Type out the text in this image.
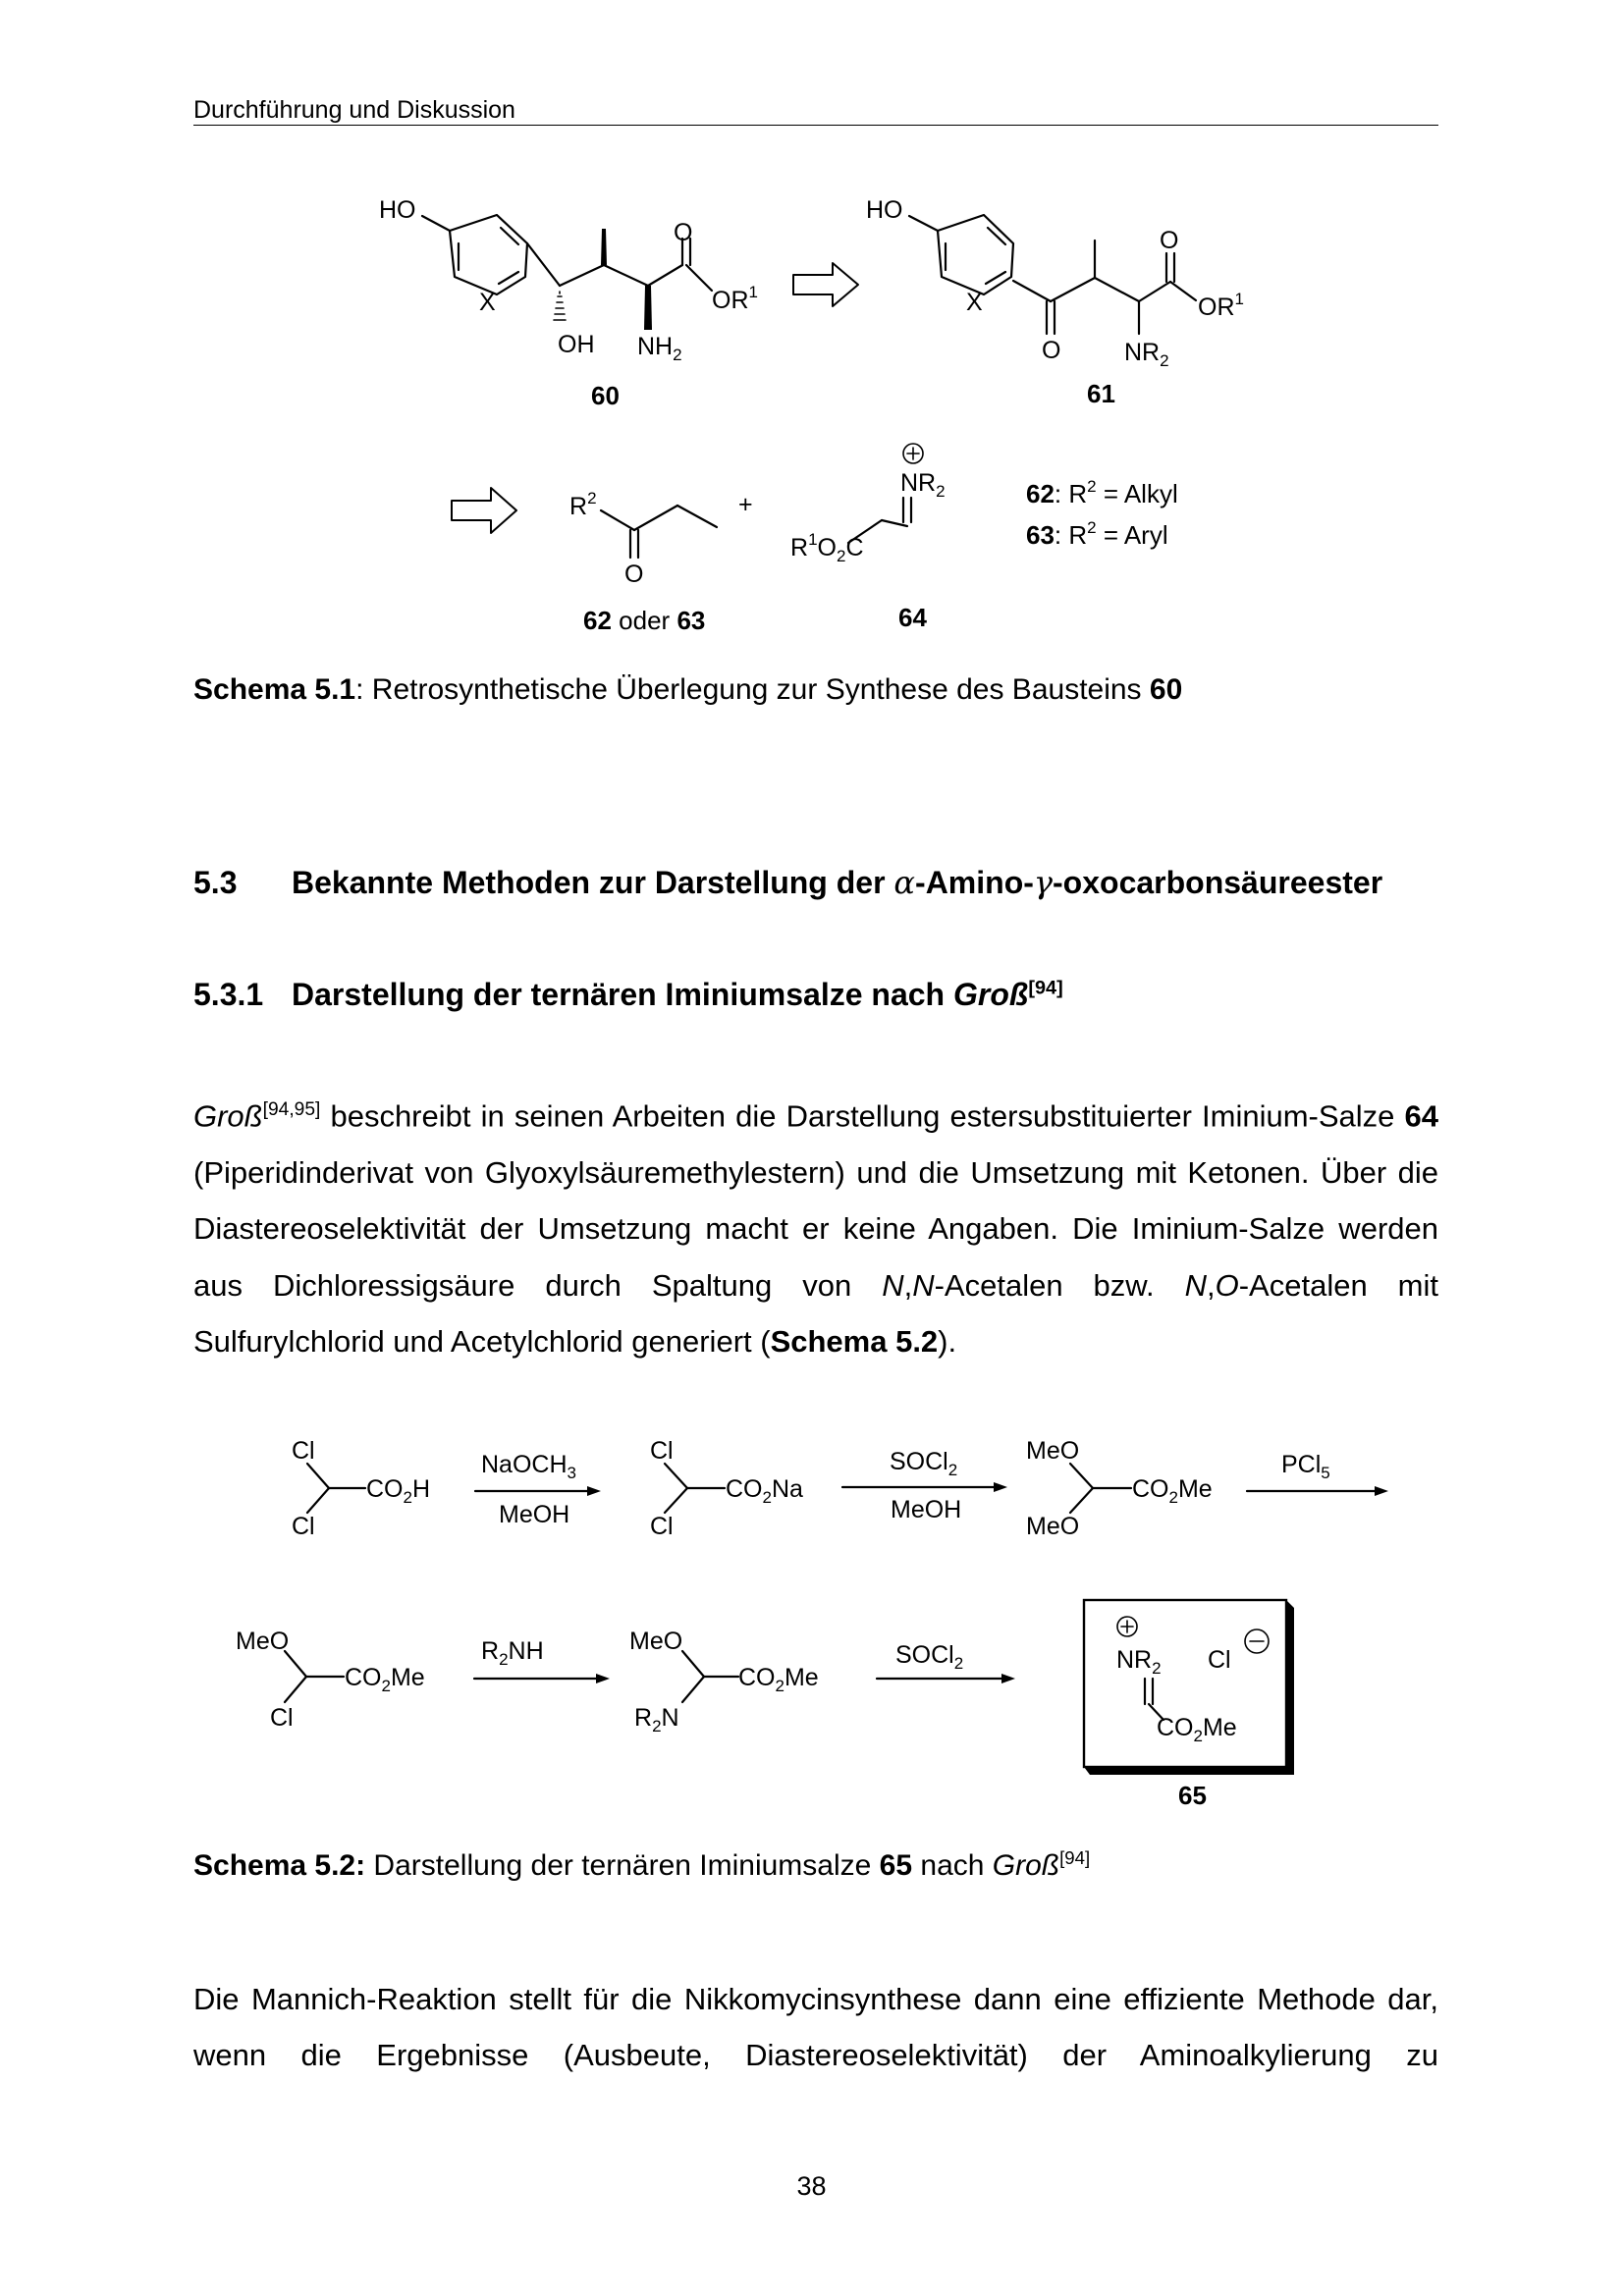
Durchführung und Diskussion
HO
X
OH $NH_2$
O
$OR^1$
HO
X
O	$NR_2$
O
$OR^1$
$R^2$
O
+
$NR_2$
$R^1O_2C$
60	61
62 oder 63	64
62: $R^2$ = Alkyl
63: $R^2$ = Aryl
Schema 5.1: Retrosynthetische Überlegung zur Synthese des Bausteins 60
5.3 Bekannte Methoden zur Darstellung der α-Amino-γ-oxocarbonsäureester
5.3.1 Darstellung der ternären Iminiumsalze nach Groß[94]
Groß[94,95] beschreibt in seinen Arbeiten die Darstellung estersubstituierter Iminium-Salze 64 (Piperidinderivat von Glyoxylsäuremethylestern) und die Umsetzung mit Ketonen. Über die Diastereoselektivität der Umsetzung macht er keine Angaben. Die Iminium-Salze werden aus Dichloressigsäure durch Spaltung von N,N-Acetalen bzw. N,O-Acetalen mit Sulfurylchlorid und Acetylchlorid generiert (Schema 5.2).
Cl
Cl
$CO_2H$
Cl
Cl
$CO_2Na$
MeO
MeO
$CO_2Me$
MeO
Cl
$CO_2Me$
MeO
$R_2N$
$CO_2Me$
$NR_2$ Cl
$CO_2Me$
NaOCH$_3$
MeOH
SOCl$_2$
MeOH
PCl$_5$
$R_2NH$	SOCl$_2$
65
Schema 5.2: Darstellung der ternären Iminiumsalze 65 nach Groß[94]
Die Mannich-Reaktion stellt für die Nikkomycinsynthese dann eine effiziente Methode dar, wenn die Ergebnisse (Ausbeute, Diastereoselektivität) der Aminoalkylierung zu
38
